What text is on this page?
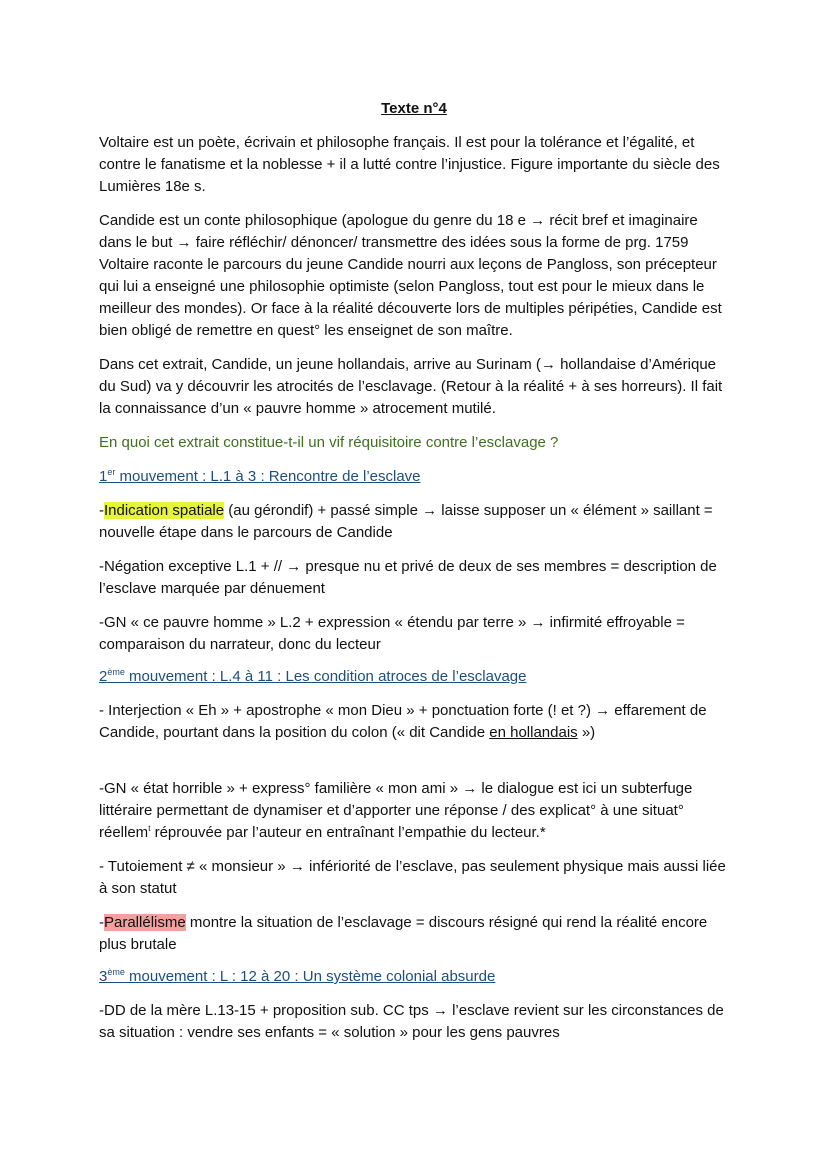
Texte n°4

Voltaire est un poète, écrivain et philosophe français. Il est pour la tolérance et l’égalité, et contre le fanatisme et la noblesse + il a lutté contre l’injustice. Figure importante du siècle des Lumières 18e s.

Candide est un conte philosophique (apologue du genre du 18 e → récit bref et imaginaire dans le but → faire réfléchir/ dénoncer/ transmettre des idées sous la forme de prg. 1759 Voltaire raconte le parcours du jeune Candide nourri aux leçons de Pangloss, son précepteur qui lui a enseigné une philosophie optimiste (selon Pangloss, tout est pour le mieux dans le meilleur des mondes). Or face à la réalité découverte lors de multiples péripéties, Candide est bien obligé de remettre en quest° les enseignet de son maître.

Dans cet extrait, Candide, un jeune hollandais, arrive au Surinam (→ hollandaise d’Amérique du Sud) va y découvrir les atrocités de l’esclavage. (Retour à la réalité + à ses horreurs). Il fait la connaissance d’un « pauvre homme » atrocement mutilé.

En quoi cet extrait constitue-t-il un vif réquisitoire contre l’esclavage ?

1er mouvement : L.1 à 3 : Rencontre de l’esclave

-Indication spatiale (au gérondif) + passé simple → laisse supposer un « élément » saillant = nouvelle étape dans le parcours de Candide

-Négation exceptive L.1 + // → presque nu et privé de deux de ses membres = description de l’esclave marquée par dénuement

-GN « ce pauvre homme » L.2 + expression « étendu par terre » → infirmité effroyable = comparaison du narrateur, donc du lecteur

2ème mouvement : L.4 à 11 : Les condition atroces de l’esclavage

- Interjection « Eh » + apostrophe « mon Dieu » + ponctuation forte (! et ?) → effarement de Candide, pourtant dans la position du colon (« dit Candide en hollandais »)

-GN « état horrible » + express° familière « mon ami » → le dialogue est ici un subterfuge littéraire permettant de dynamiser et d’apporter une réponse / des explicat° à une situat° réellem$^t$ réprouvée par l’auteur en entraînant l’empathie du lecteur.*

- Tutoiement ≠ « monsieur » → infériorité de l’esclave, pas seulement physique mais aussi liée à son statut

-Parallélisme montre la situation de l’esclavage = discours résigné qui rend la réalité encore plus brutale

3ème mouvement : L : 12 à 20 : Un système colonial absurde

-DD de la mère L.13-15 + proposition sub. CC tps → l’esclave revient sur les circonstances de sa situation : vendre ses enfants = « solution » pour les gens pauvres
